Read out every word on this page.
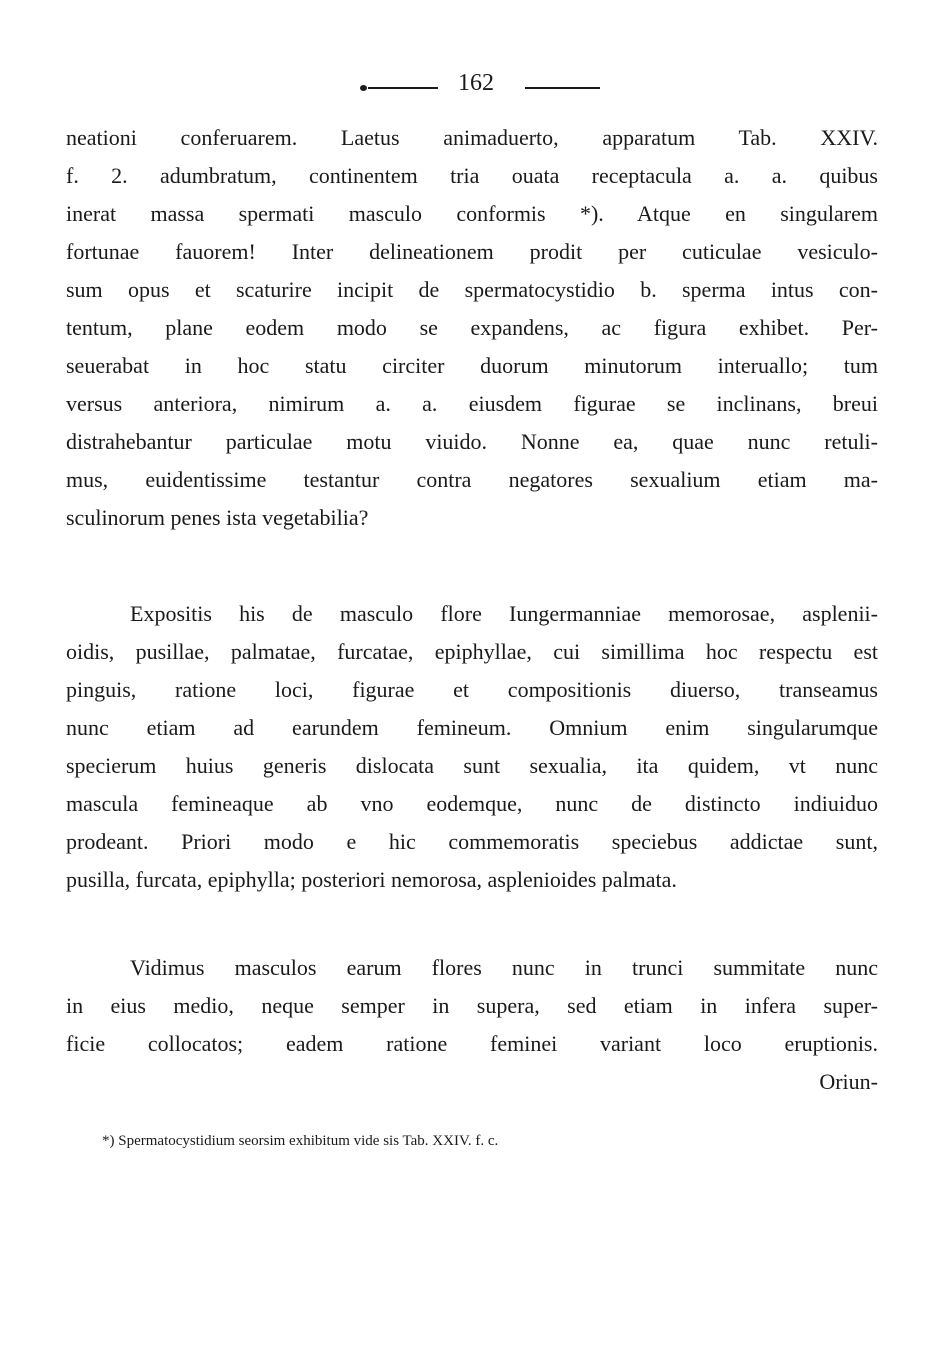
162
neationi conferuarem. Laetus animaduerto, apparatum Tab. XXIV.
f. 2. adumbratum, continentem tria ouata receptacula a. a. quibus
inerat massa spermati masculo conformis *). Atque en singularem
fortunae fauorem! Inter delineationem prodit per cuticulae vesiculo-
sum opus et scaturire incipit de spermatocystidio b. sperma intus con-
tentum, plane eodem modo se expandens, ac figura exhibet. Per-
seuerabat in hoc statu circiter duorum minutorum interuallo; tum
versus anteriora, nimirum a. a. eiusdem figurae se inclinans, breui
distrahebantur particulae motu viuido. Nonne ea, quae nunc retuli-
mus, euidentissime testantur contra negatores sexualium etiam ma-
sculinorum penes ista vegetabilia?
Expositis his de masculo flore Iungermanniae memorosae, asplenii-
oidis, pusillae, palmatae, furcatae, epiphyllae, cui simillima hoc respectu est
pinguis, ratione loci, figurae et compositionis diuerso, transeamus
nunc etiam ad earundem femineum. Omnium enim singularumque
specierum huius generis dislocata sunt sexualia, ita quidem, vt nunc
mascula femineaque ab vno eodemque, nunc de distincto indiuiduo
prodeant. Priori modo e hic commemoratis speciebus addictae sunt,
pusilla, furcata, epiphylla; posteriori nemorosa, asplenioides palmata.
Vidimus masculos earum flores nunc in trunci summitate nunc
in eius medio, neque semper in supera, sed etiam in infera super-
ficie collocatos; eadem ratione feminei variant loco eruptionis.
Oriun-
*) Spermatocystidium seorsim exhibitum vide sis Tab. XXIV. f. c.
